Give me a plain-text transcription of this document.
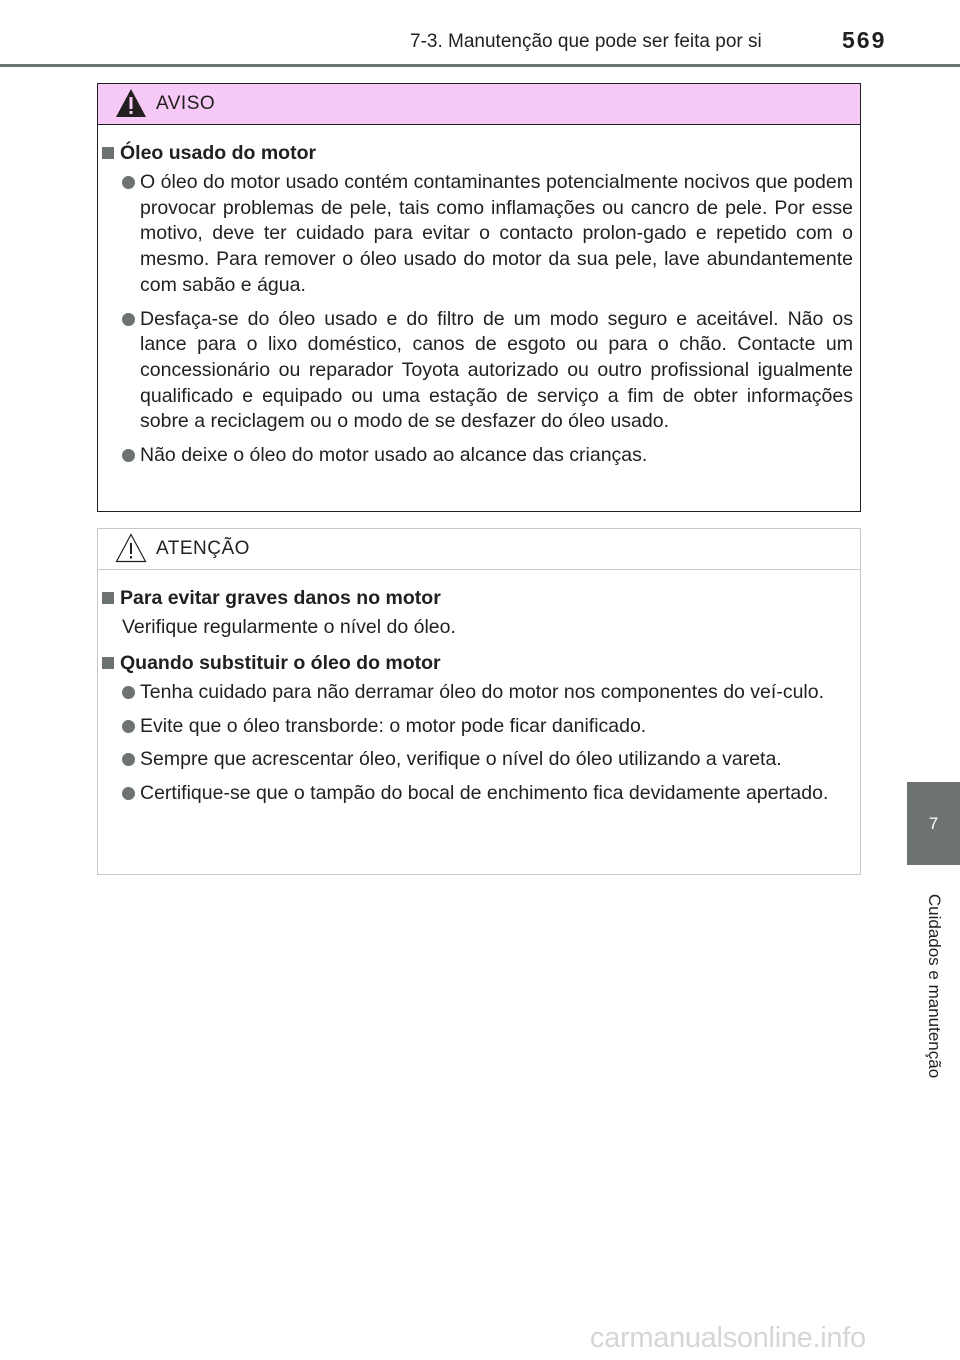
7-3. Manutenção que pode ser feita por si	569
7
Cuidados e manutenção
AVISO
Óleo usado do motor
O óleo do motor usado contém contaminantes potencialmente nocivos que podem provocar problemas de pele, tais como inflamações ou cancro de pele. Por esse motivo, deve ter cuidado para evitar o contacto prolon-gado e repetido com o mesmo. Para remover o óleo usado do motor da sua pele, lave abundantemente com sabão e água.
Desfaça-se do óleo usado e do filtro de um modo seguro e aceitável. Não os lance para o lixo doméstico, canos de esgoto ou para o chão. Contacte um concessionário ou reparador Toyota autorizado ou outro profissional igualmente qualificado e equipado ou uma estação de serviço a fim de obter informações sobre a reciclagem ou o modo de se desfazer do óleo usado.
Não deixe o óleo do motor usado ao alcance das crianças.
ATENÇÃO
Para evitar graves danos no motor
Verifique regularmente o nível do óleo.
Quando substituir o óleo do motor
Tenha cuidado para não derramar óleo do motor nos componentes do veí-culo.
Evite que o óleo transborde: o motor pode ficar danificado.
Sempre que acrescentar óleo, verifique o nível do óleo utilizando a vareta.
Certifique-se que o tampão do bocal de enchimento fica devidamente apertado.
carmanualsonline.info
